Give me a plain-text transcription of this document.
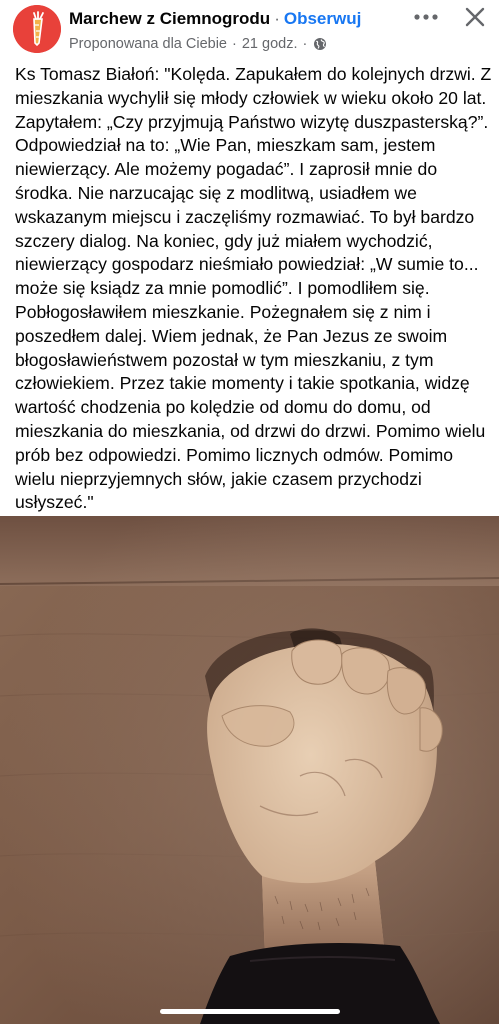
Marchew z Ciemnogrodu · Obserwuj
Proponowana dla Ciebie · 21 godz. ·

Ks Tomasz Białoń: "Kolęda. Zapukałem do kolejnych drzwi. Z mieszkania wychylił się młody człowiek w wieku około 20 lat. Zapytałem: „Czy przyjmują Państwo wizytę duszpasterską?”. Odpowiedział na to: „Wie Pan, mieszkam sam, jestem niewierzący. Ale możemy pogadać”. I zaprosił mnie do środka. Nie narzucając się z modlitwą, usiadłem we wskazanym miejscu i zaczęliśmy rozmawiać. To był bardzo szczery dialog. Na koniec, gdy już miałem wychodzić, niewierzący gospodarz nieśmiało powiedział: „W sumie to... może się ksiądz za mnie pomodlić”. I pomodliłem się. Pobłogosławiłem mieszkanie. Pożegnałem się z nim i poszedłem dalej. Wiem jednak, że Pan Jezus ze swoim błogosławieństwem pozostał w tym mieszkaniu, z tym człowiekiem. Przez takie momenty i takie spotkania, widzę wartość chodzenia po kolędzie od domu do domu, od mieszkania do mieszkania, od drzwi do drzwi. Pomimo wielu prób bez odpowiedzi. Pomimo licznych odmów. Pomimo wielu nieprzyjemnych słów, jakie czasem przychodzi usłyszeć."
